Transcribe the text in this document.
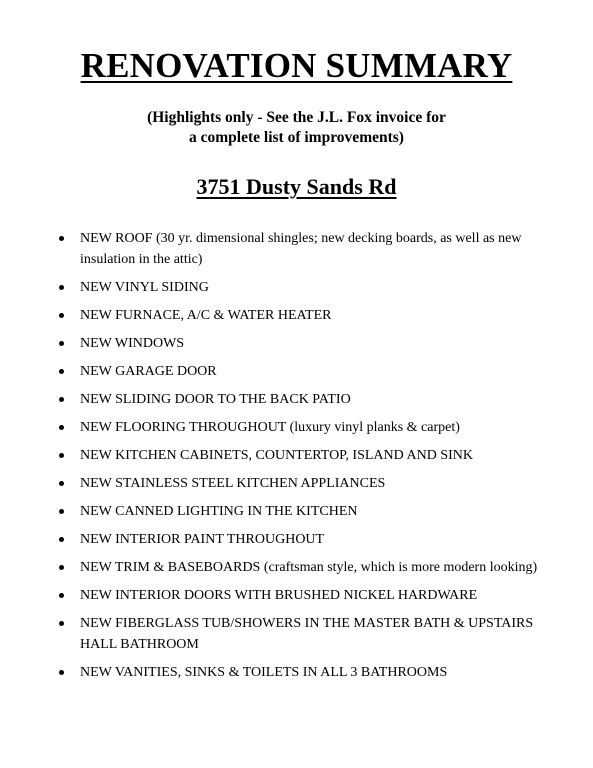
RENOVATION SUMMARY
(Highlights only - See the J.L. Fox invoice for
a complete list of improvements)
3751 Dusty Sands Rd
NEW ROOF (30 yr. dimensional shingles; new decking boards, as well as new insulation in the attic)
NEW VINYL SIDING
NEW FURNACE, A/C & WATER HEATER
NEW WINDOWS
NEW GARAGE DOOR
NEW SLIDING DOOR TO THE BACK PATIO
NEW FLOORING THROUGHOUT (luxury vinyl planks & carpet)
NEW KITCHEN CABINETS, COUNTERTOP, ISLAND AND SINK
NEW STAINLESS STEEL KITCHEN APPLIANCES
NEW CANNED LIGHTING IN THE KITCHEN
NEW INTERIOR PAINT THROUGHOUT
NEW TRIM & BASEBOARDS (craftsman style, which is more modern looking)
NEW INTERIOR DOORS WITH BRUSHED NICKEL HARDWARE
NEW FIBERGLASS TUB/SHOWERS IN THE MASTER BATH & UPSTAIRS HALL BATHROOM
NEW VANITIES, SINKS & TOILETS IN ALL 3 BATHROOMS
